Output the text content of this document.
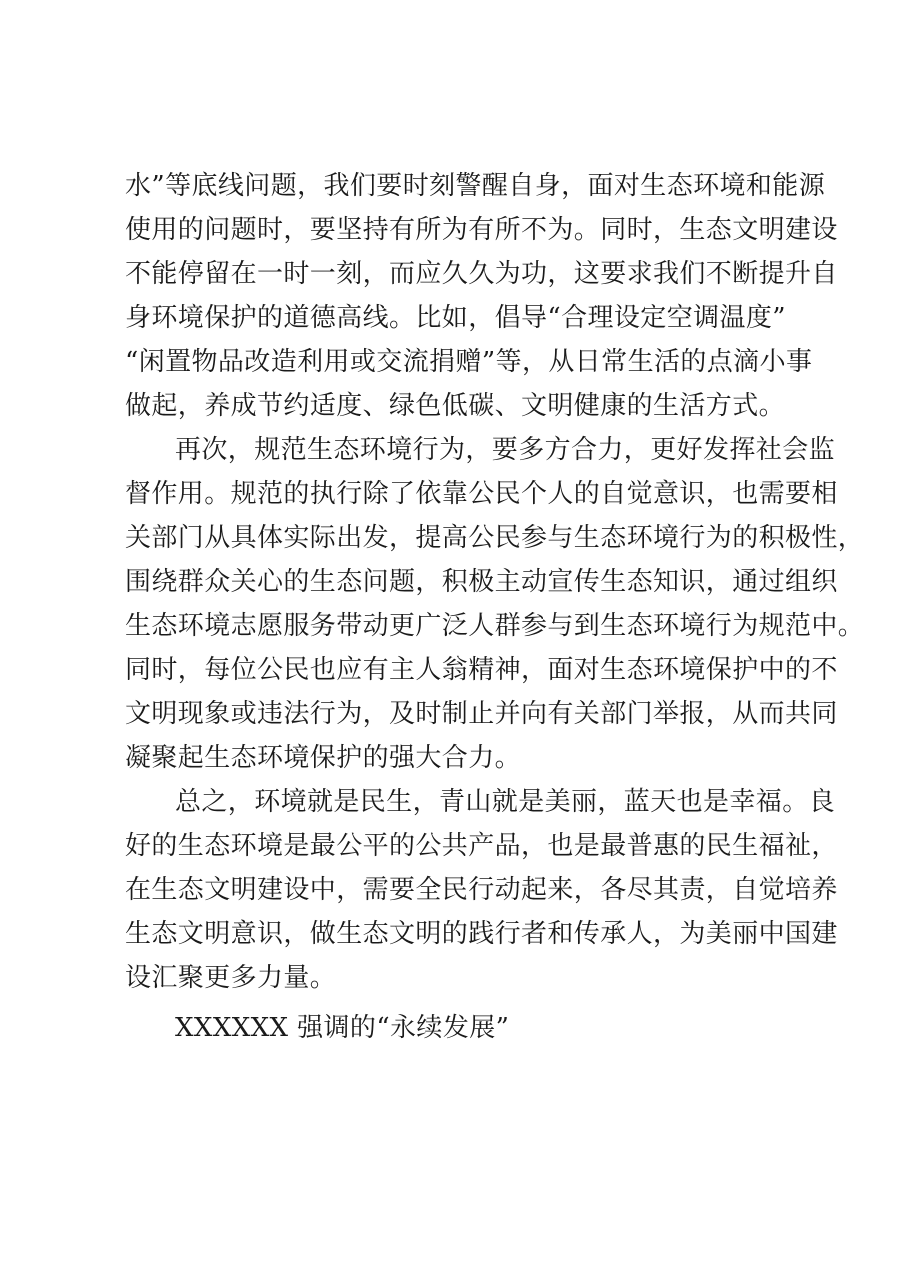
水”等底线问题，我们要时刻警醒自身，面对生态环境和能源
使用的问题时，要坚持有所为有所不为。同时，生态文明建设
不能停留在一时一刻，而应久久为功，这要求我们不断提升自
身环境保护的道德高线。比如，倡导“合理设定空调温度”
“闲置物品改造利用或交流捐赠”等，从日常生活的点滴小事
做起，养成节约适度、绿色低碳、文明健康的生活方式。
再次，规范生态环境行为，要多方合力，更好发挥社会监
督作用。规范的执行除了依靠公民个人的自觉意识，也需要相
关部门从具体实际出发，提高公民参与生态环境行为的积极性，
围绕群众关心的生态问题，积极主动宣传生态知识，通过组织
生态环境志愿服务带动更广泛人群参与到生态环境行为规范中。
同时，每位公民也应有主人翁精神，面对生态环境保护中的不
文明现象或违法行为，及时制止并向有关部门举报，从而共同
凝聚起生态环境保护的强大合力。
总之，环境就是民生，青山就是美丽，蓝天也是幸福。良
好的生态环境是最公平的公共产品，也是最普惠的民生福祉，
在生态文明建设中，需要全民行动起来，各尽其责，自觉培养
生态文明意识，做生态文明的践行者和传承人，为美丽中国建
设汇聚更多力量。
XXXXXX 强调的“永续发展”
